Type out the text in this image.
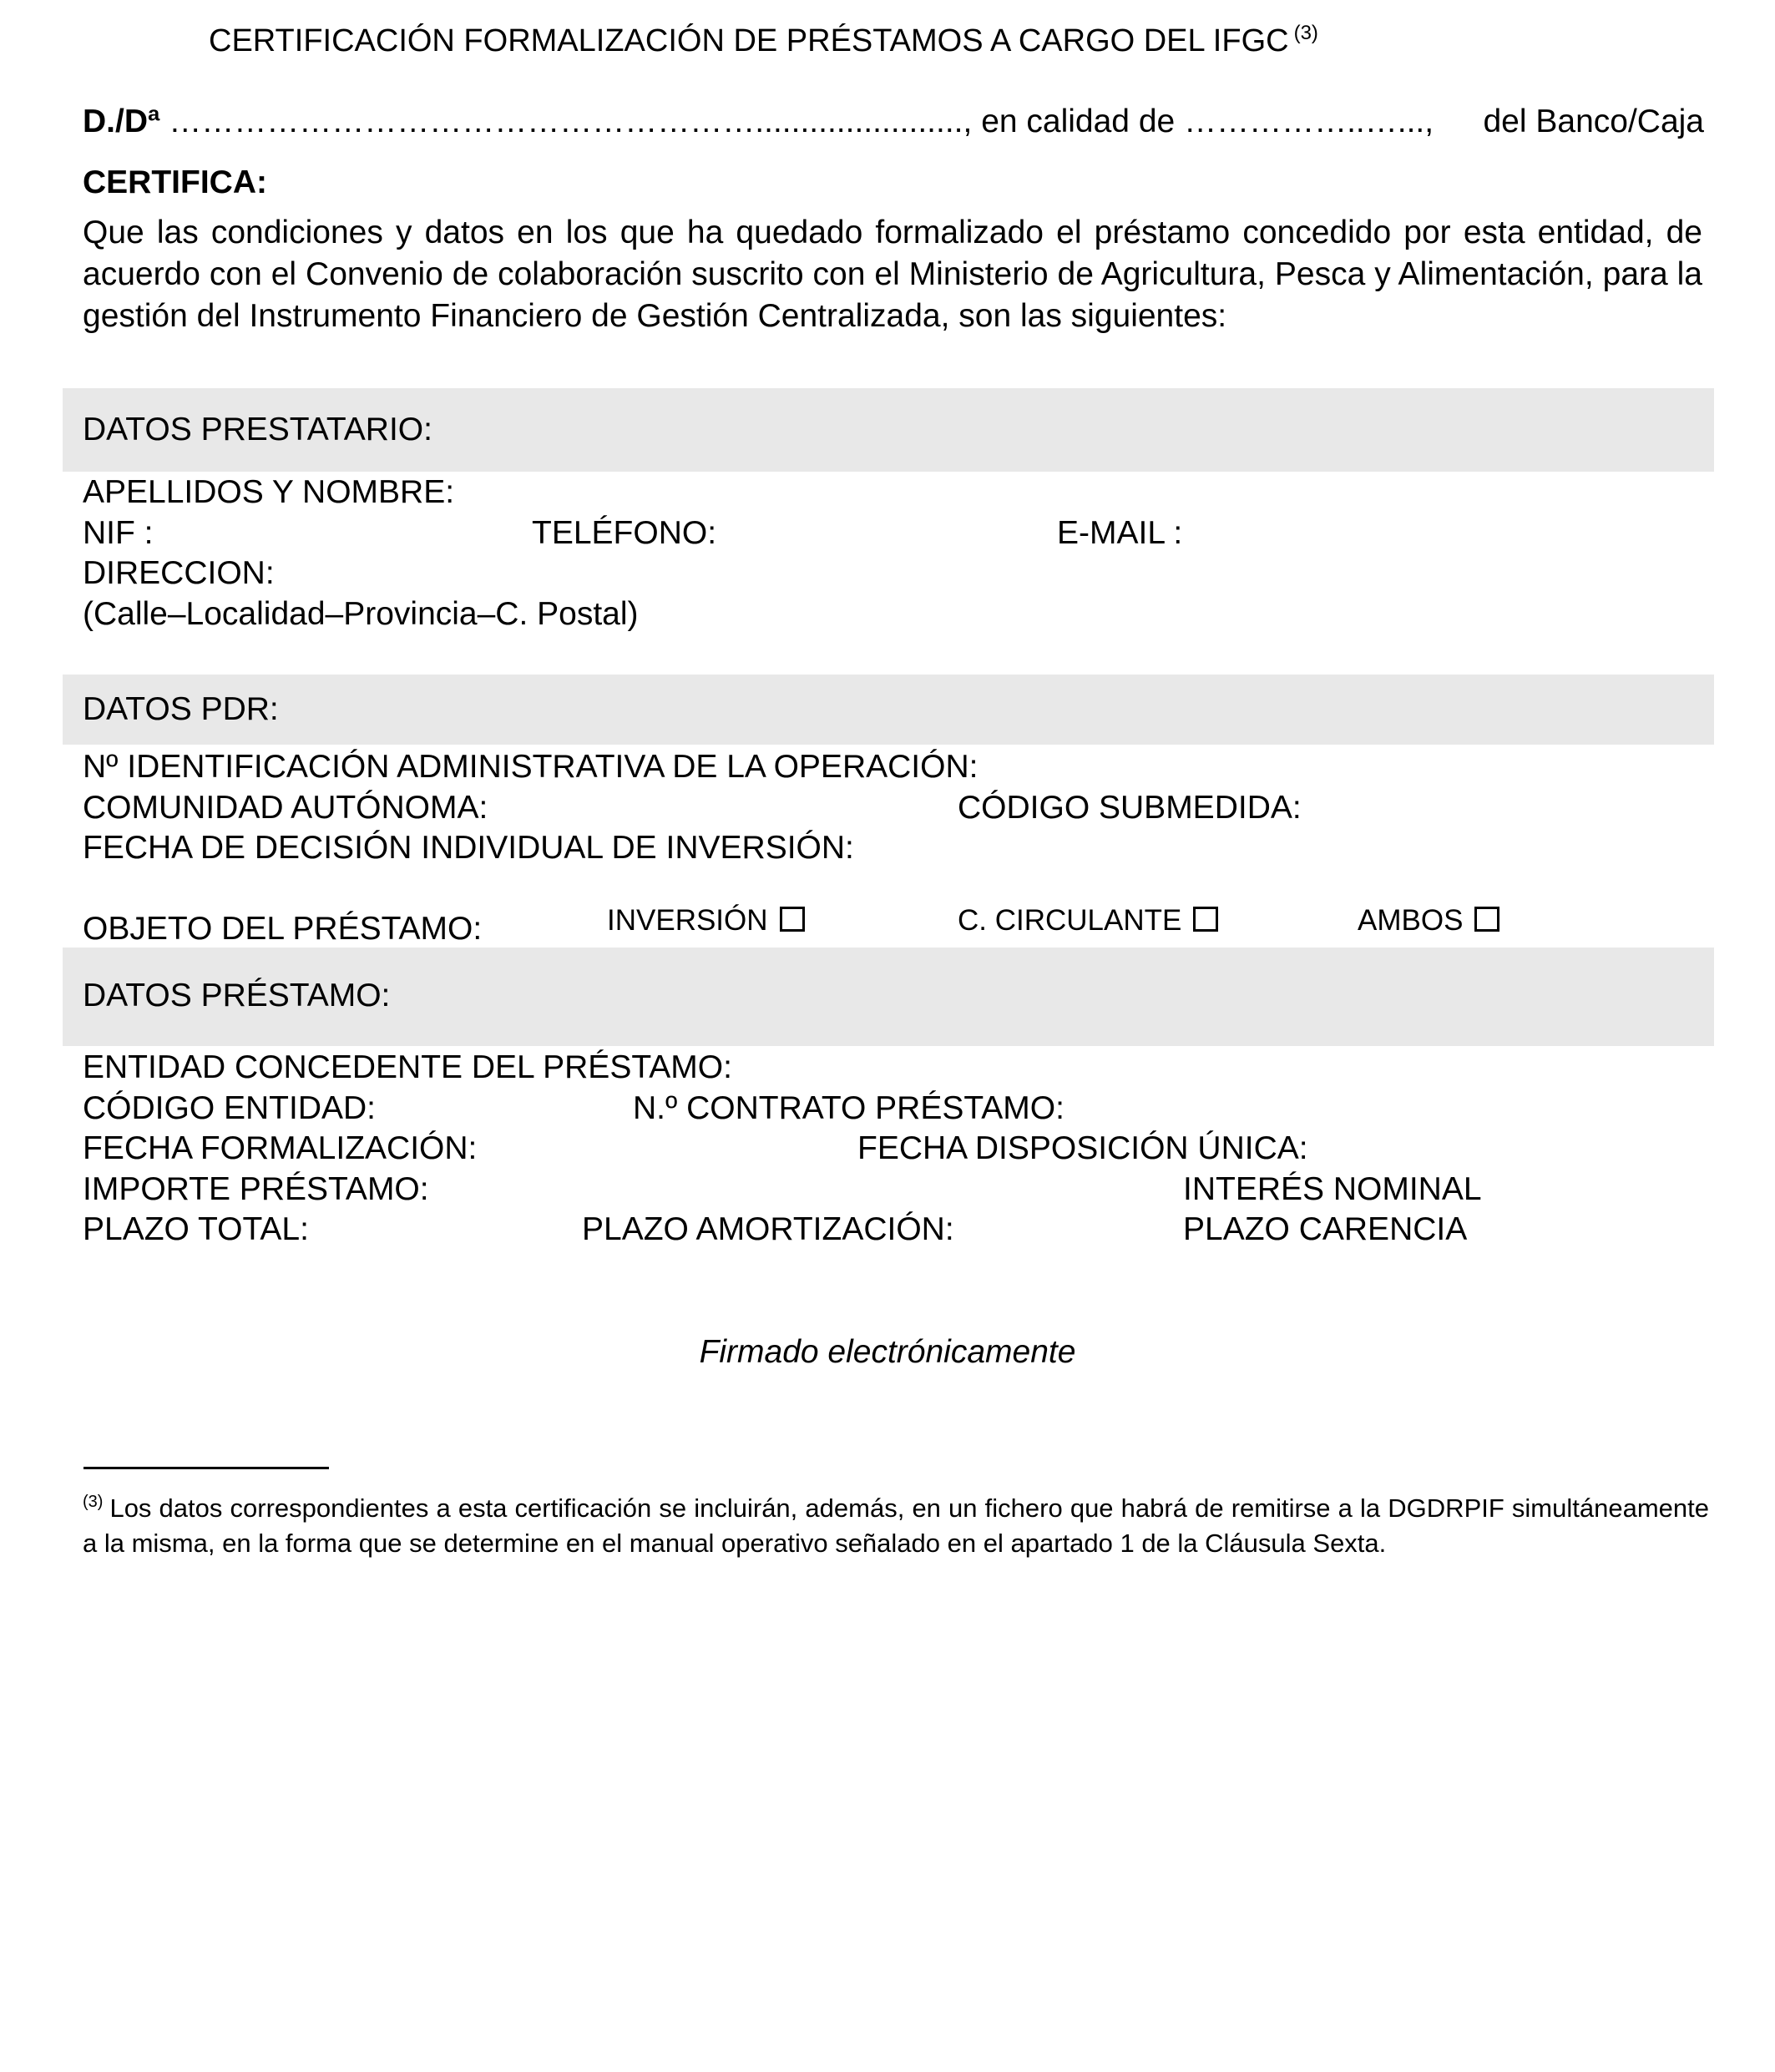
CERTIFICACIÓN FORMALIZACIÓN DE PRÉSTAMOS A CARGO DEL IFGC $^{(3)}$
D./Dª ………………………………………………......................., en calidad de ……………..…..., del Banco/Caja
CERTIFICA:
Que las condiciones y datos en los que ha quedado formalizado el préstamo concedido por esta entidad, de acuerdo con el Convenio de colaboración suscrito con el Ministerio de Agricultura, Pesca y Alimentación, para la gestión del Instrumento Financiero de Gestión Centralizada, son las siguientes:
DATOS PRESTATARIO:
APELLIDOS Y NOMBRE:
NIF :	TELÉFONO:	E-MAIL :
DIRECCION:
(Calle–Localidad–Provincia–C. Postal)
DATOS PDR:
Nº IDENTIFICACIÓN ADMINISTRATIVA DE LA OPERACIÓN:
COMUNIDAD AUTÓNOMA:	CÓDIGO SUBMEDIDA:
FECHA DE DECISIÓN INDIVIDUAL DE INVERSIÓN:
OBJETO DEL PRÉSTAMO:	INVERSIÓN	C. CIRCULANTE	AMBOS
DATOS PRÉSTAMO:
ENTIDAD CONCEDENTE DEL PRÉSTAMO:
CÓDIGO ENTIDAD:	N.º CONTRATO PRÉSTAMO:
FECHA FORMALIZACIÓN:	FECHA DISPOSICIÓN ÚNICA:
IMPORTE PRÉSTAMO:	INTERÉS NOMINAL
PLAZO TOTAL:	PLAZO AMORTIZACIÓN:	PLAZO CARENCIA
Firmado electrónicamente
$^{(3)}$ Los datos correspondientes a esta certificación se incluirán, además, en un fichero que habrá de remitirse a la DGDRPIF simultáneamente a la misma, en la forma que se determine en el manual operativo señalado en el apartado 1 de la Cláusula Sexta.
